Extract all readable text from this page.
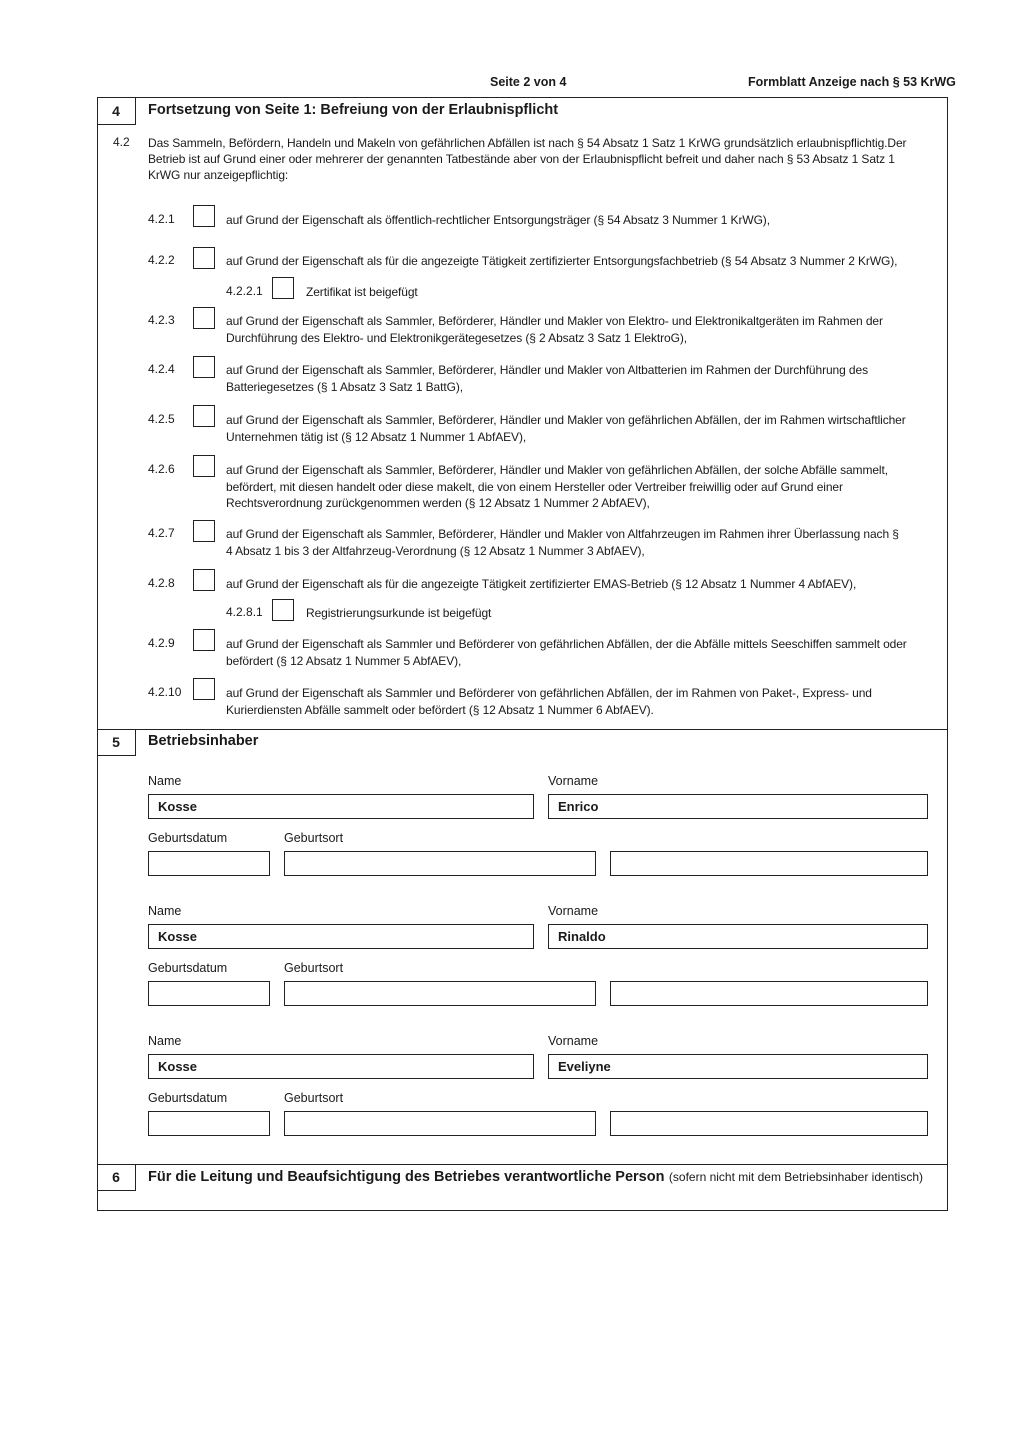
Seite 2 von 4	Formblatt Anzeige nach § 53 KrWG
4	Fortsetzung von Seite 1: Befreiung von der Erlaubnispflicht
4.2 Das Sammeln, Befördern, Handeln und Makeln von gefährlichen Abfällen ist nach § 54 Absatz 1 Satz 1 KrWG grundsätzlich erlaubnispflichtig.Der Betrieb ist auf Grund einer oder mehrerer der genannten Tatbestände aber von der Erlaubnispflicht befreit und daher nach § 53 Absatz 1 Satz 1 KrWG nur anzeigepflichtig:
4.2.1	auf Grund der Eigenschaft als öffentlich-rechtlicher Entsorgungsträger (§ 54 Absatz 3 Nummer 1 KrWG),
4.2.2	auf Grund der Eigenschaft als für die angezeigte Tätigkeit zertifizierter Entsorgungsfachbetrieb (§ 54 Absatz 3 Nummer 2 KrWG),
4.2.2.1	Zertifikat ist beigefügt
4.2.3	auf Grund der Eigenschaft als Sammler, Beförderer, Händler und Makler von Elektro- und Elektronikaltgeräten im Rahmen der Durchführung des Elektro- und Elektronikgerätegesetzes (§ 2 Absatz 3 Satz 1 ElektroG),
4.2.4	auf Grund der Eigenschaft als Sammler, Beförderer, Händler und Makler von Altbatterien im Rahmen der Durchführung des Batteriegesetzes (§ 1 Absatz 3 Satz 1 BattG),
4.2.5	auf Grund der Eigenschaft als Sammler, Beförderer, Händler und Makler von gefährlichen Abfällen, der im Rahmen wirtschaftlicher Unternehmen tätig ist (§ 12 Absatz 1 Nummer 1 AbfAEV),
4.2.6	auf Grund der Eigenschaft als Sammler, Beförderer, Händler und Makler von gefährlichen Abfällen, der solche Abfälle sammelt, befördert, mit diesen handelt oder diese makelt, die von einem Hersteller oder Vertreiber freiwillig oder auf Grund einer Rechtsverordnung zurückgenommen werden (§ 12 Absatz 1 Nummer 2 AbfAEV),
4.2.7	auf Grund der Eigenschaft als Sammler, Beförderer, Händler und Makler von Altfahrzeugen im Rahmen ihrer Überlassung nach § 4 Absatz 1 bis 3 der Altfahrzeug-Verordnung (§ 12 Absatz 1 Nummer 3 AbfAEV),
4.2.8	auf Grund der Eigenschaft als für die angezeigte Tätigkeit zertifizierter EMAS-Betrieb (§ 12 Absatz 1 Nummer 4 AbfAEV),
4.2.8.1	Registrierungsurkunde ist beigefügt
4.2.9	auf Grund der Eigenschaft als Sammler und Beförderer von gefährlichen Abfällen, der die Abfälle mittels Seeschiffen sammelt oder befördert (§ 12 Absatz 1 Nummer 5 AbfAEV),
4.2.10	auf Grund der Eigenschaft als Sammler und Beförderer von gefährlichen Abfällen, der im Rahmen von Paket-, Express- und Kurierdiensten Abfälle sammelt oder befördert (§ 12 Absatz 1 Nummer 6 AbfAEV).
5	Betriebsinhaber
Name	Vorname
Kosse	Enrico
Geburtsdatum	Geburtsort
Name	Vorname
Kosse	Rinaldo
Geburtsdatum	Geburtsort
Name	Vorname
Kosse	Eveliyne
Geburtsdatum	Geburtsort
6	Für die Leitung und Beaufsichtigung des Betriebes verantwortliche Person (sofern nicht mit dem Betriebsinhaber identisch)
